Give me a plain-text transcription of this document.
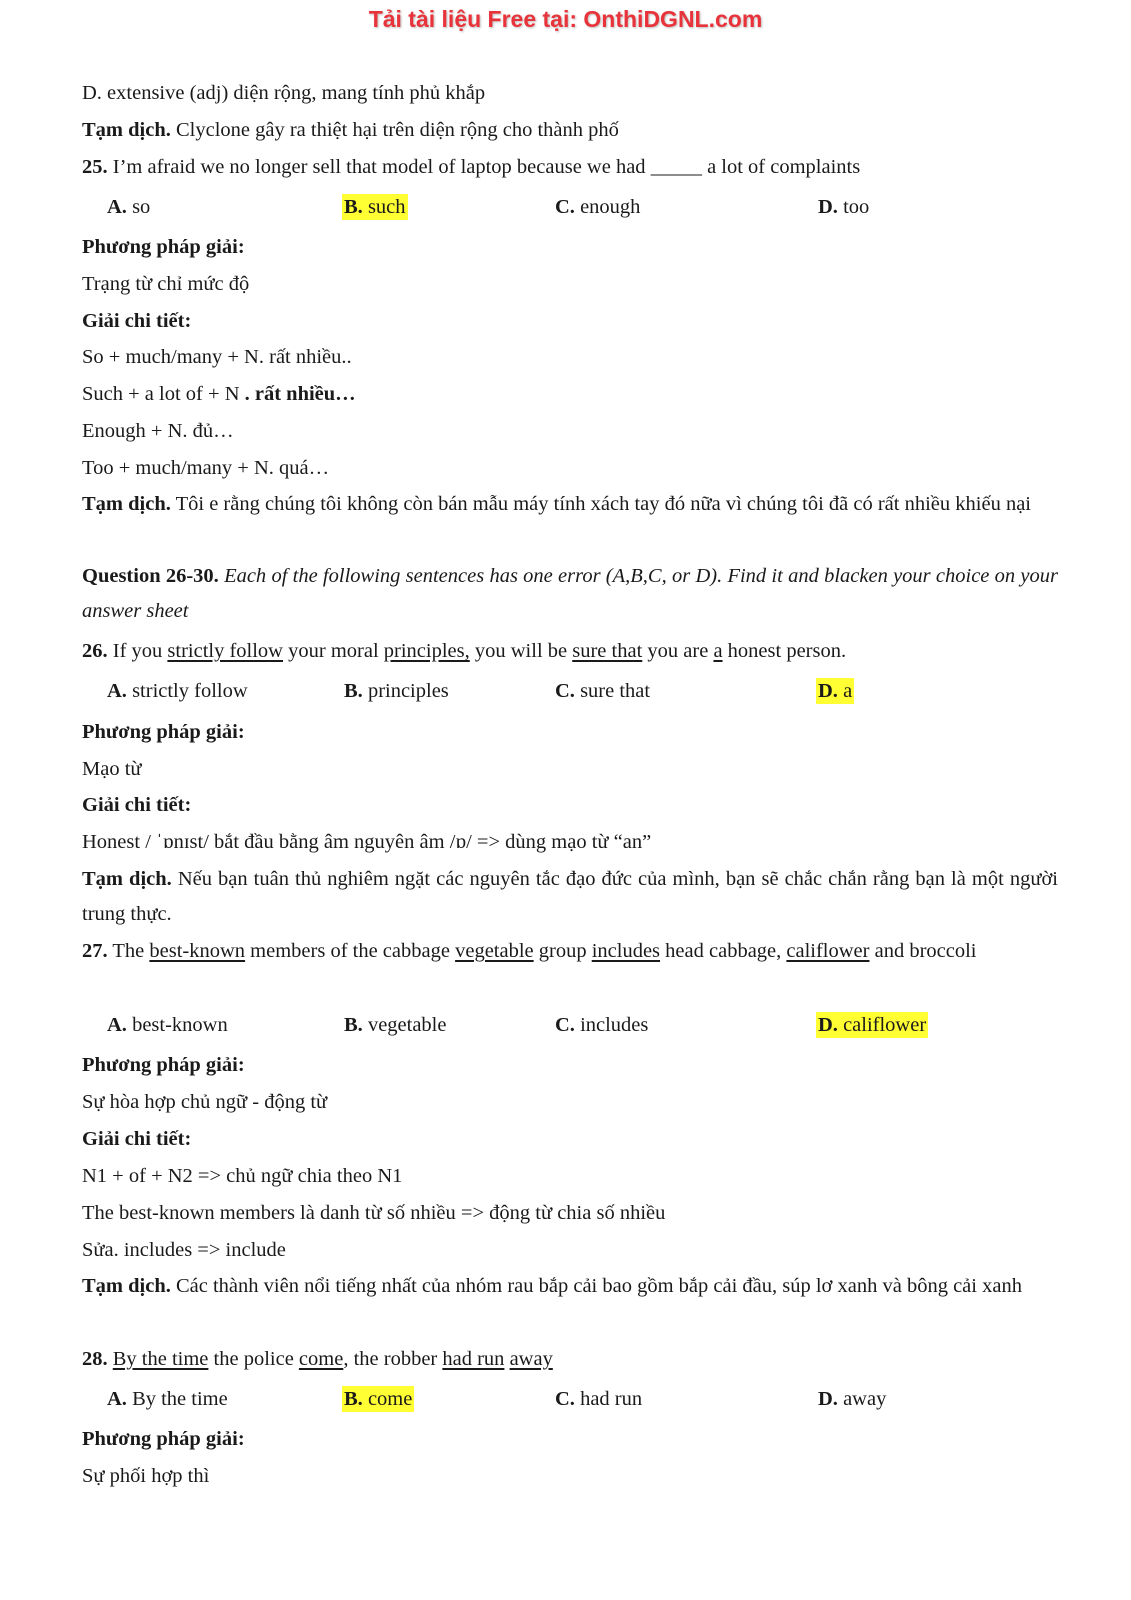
Tải tài liệu Free tại: OnthiDGNL.com
D. extensive (adj) diện rộng, mang tính phủ khắp
Tạm dịch. Clyclone gây ra thiệt hại trên diện rộng cho thành phố
25. I’m afraid we no longer sell that model of laptop because we had _____ a lot of complaints
A. so	B. such	C. enough	D. too
Phương pháp giải:
Trạng từ chỉ mức độ
Giải chi tiết:
So + much/many + N. rất nhiều..
Such + a lot of + N . rất nhiều…
Enough + N. đủ…
Too + much/many + N. quá…
Tạm dịch. Tôi e rằng chúng tôi không còn bán mẫu máy tính xách tay đó nữa vì chúng tôi đã có rất nhiều khiếu nại
Question 26-30. Each of the following sentences has one error (A,B,C, or D). Find it and blacken your choice on your answer sheet
26. If you strictly follow your moral principles, you will be sure that you are a honest person.
A. strictly follow	B. principles	C. sure that	D. a
Phương pháp giải:
Mạo từ
Giải chi tiết:
Honest / ˈɒnɪst/ bắt đầu bằng âm nguyên âm /ɒ/ => dùng mạo từ “an”
Tạm dịch. Nếu bạn tuân thủ nghiêm ngặt các nguyên tắc đạo đức của mình, bạn sẽ chắc chắn rằng bạn là một người trung thực.
27. The best-known members of the cabbage vegetable group includes head cabbage, califlower and broccoli
A. best-known	B. vegetable	C. includes	D. califlower
Phương pháp giải:
Sự hòa hợp chủ ngữ - động từ
Giải chi tiết:
N1 + of + N2 => chủ ngữ chia theo N1
The best-known members là danh từ số nhiều => động từ chia số nhiều
Sửa. includes => include
Tạm dịch. Các thành viên nổi tiếng nhất của nhóm rau bắp cải bao gồm bắp cải đầu, súp lơ xanh và bông cải xanh
28. By the time the police come, the robber had run away
A. By the time	B. come	C. had run	D. away
Phương pháp giải:
Sự phối hợp thì
